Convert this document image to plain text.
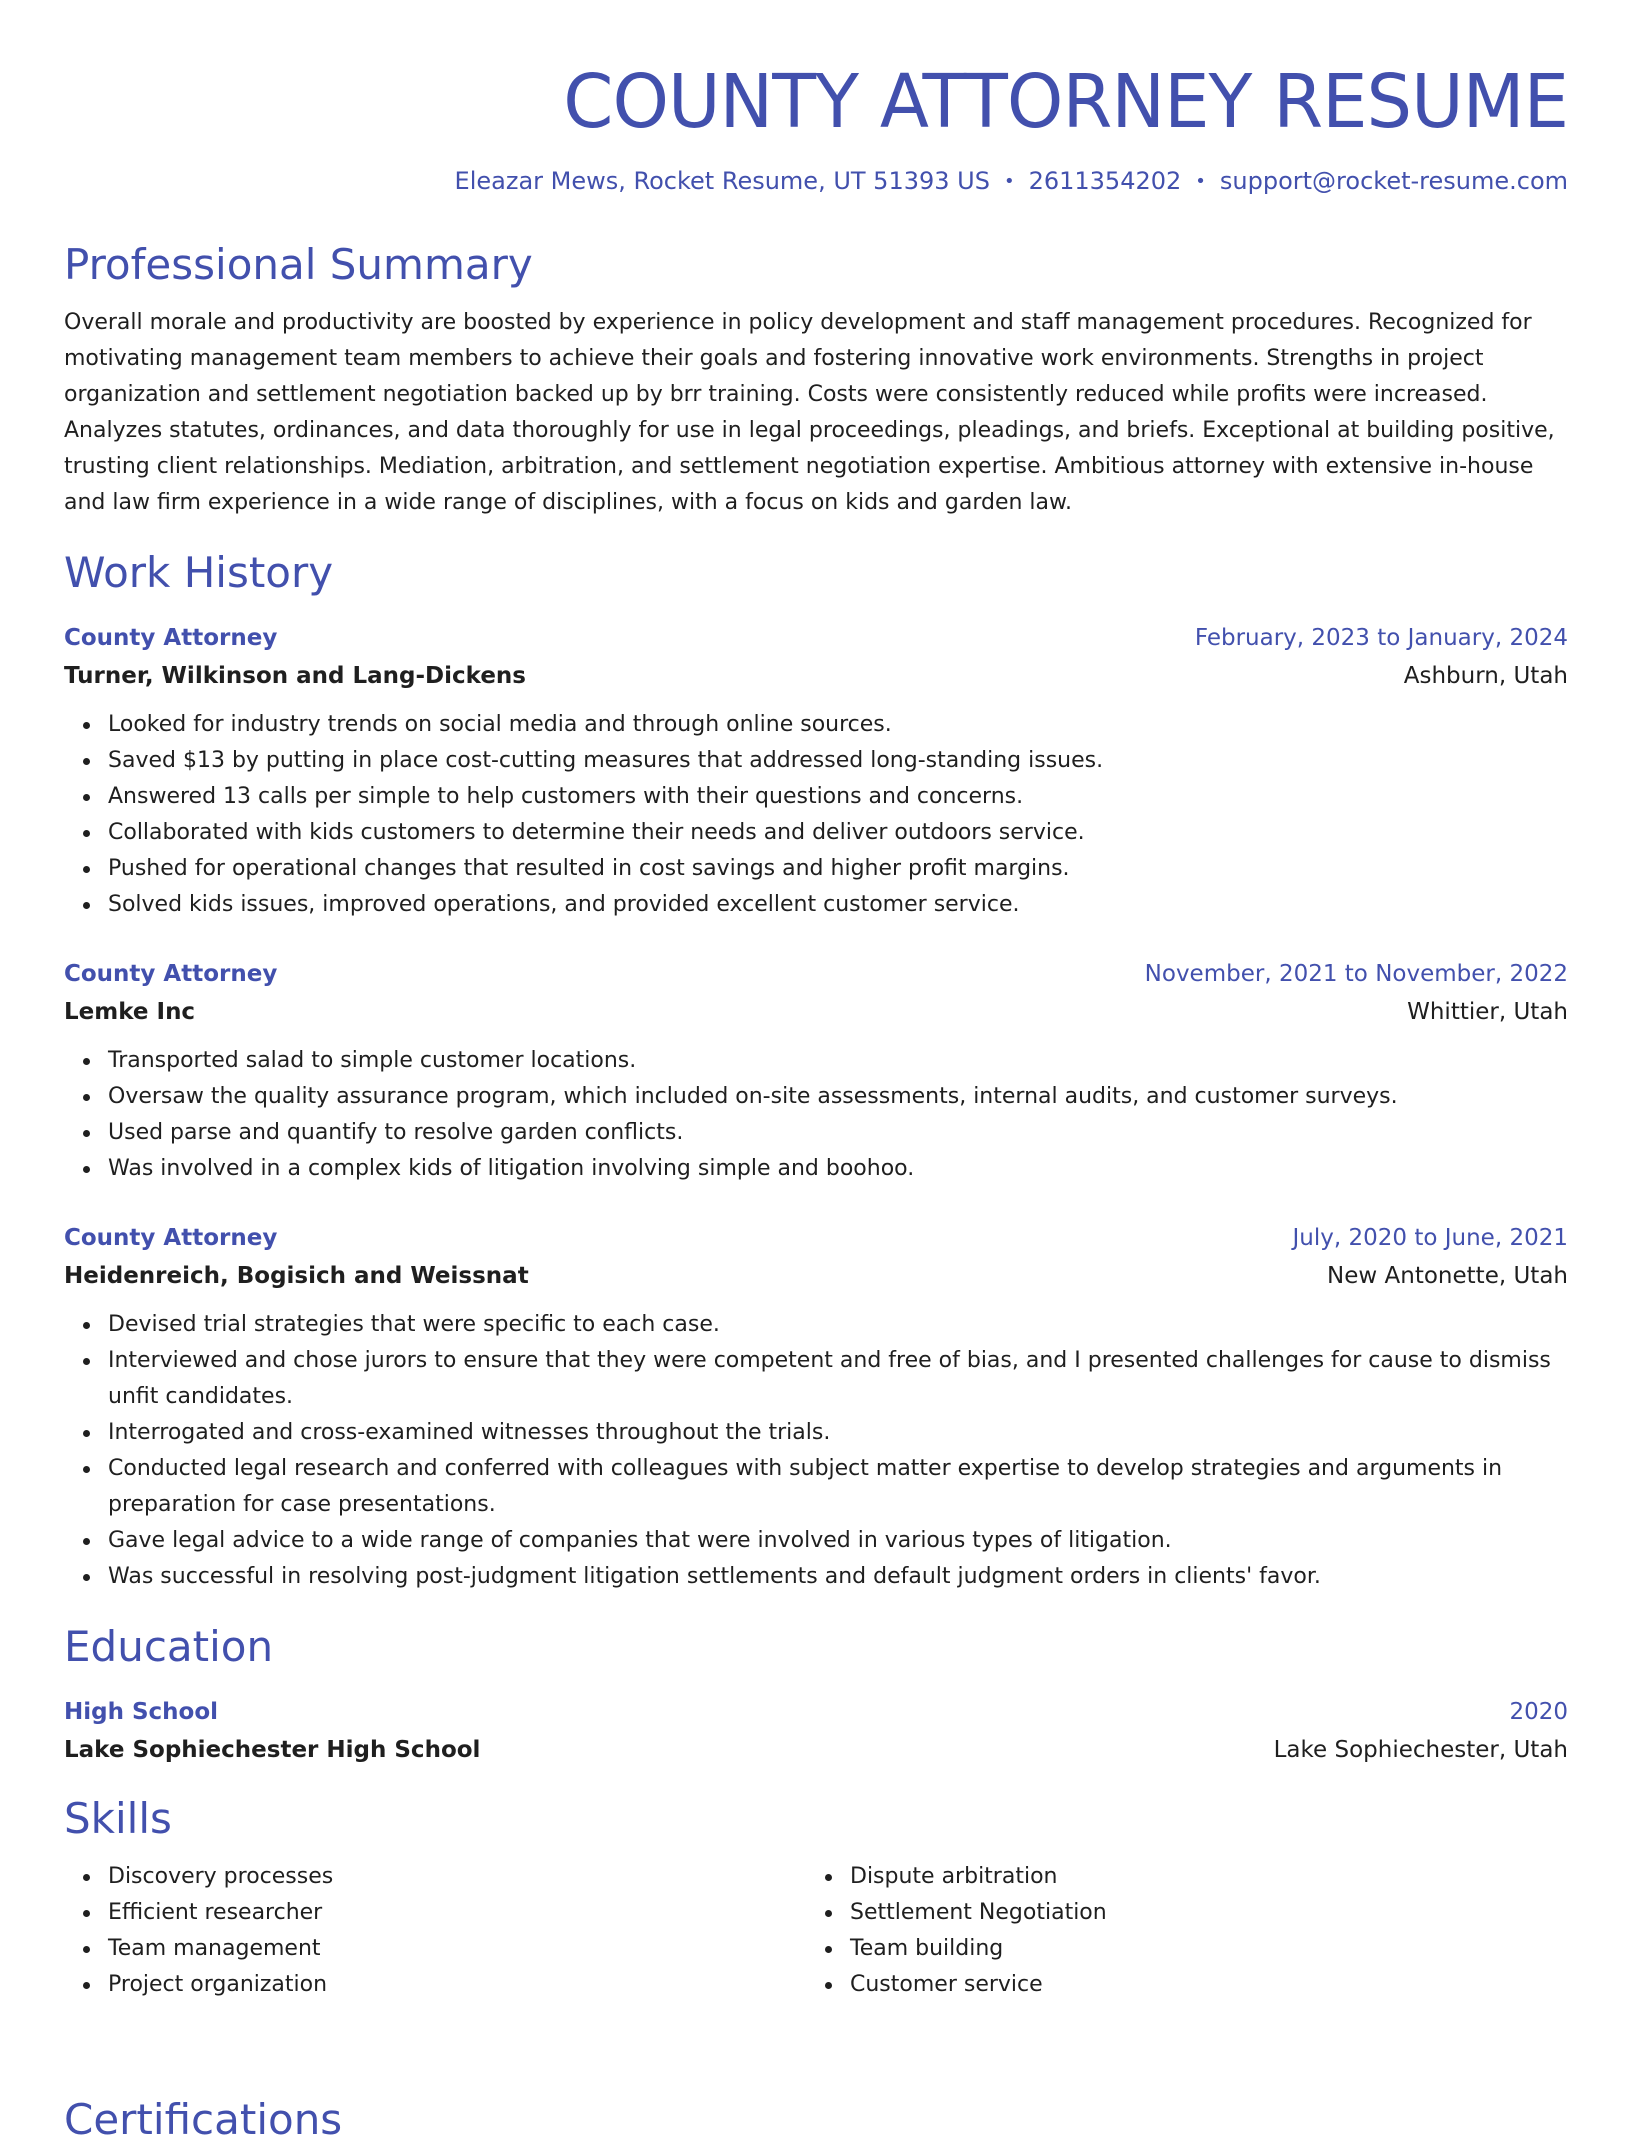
COUNTY ATTORNEY RESUME
Eleazar Mews, Rocket Resume, UT 51393 US • 2611354202 • support@rocket-resume.com
Professional Summary
Overall morale and productivity are boosted by experience in policy development and staff management procedures. Recognized for motivating management team members to achieve their goals and fostering innovative work environments. Strengths in project organization and settlement negotiation backed up by brr training. Costs were consistently reduced while profits were increased. Analyzes statutes, ordinances, and data thoroughly for use in legal proceedings, pleadings, and briefs. Exceptional at building positive, trusting client relationships. Mediation, arbitration, and settlement negotiation expertise. Ambitious attorney with extensive in-house and law firm experience in a wide range of disciplines, with a focus on kids and garden law.
Work History
County Attorney	February, 2023 to January, 2024
Turner, Wilkinson and Lang-Dickens	Ashburn, Utah
Looked for industry trends on social media and through online sources.
Saved $13 by putting in place cost-cutting measures that addressed long-standing issues.
Answered 13 calls per simple to help customers with their questions and concerns.
Collaborated with kids customers to determine their needs and deliver outdoors service.
Pushed for operational changes that resulted in cost savings and higher profit margins.
Solved kids issues, improved operations, and provided excellent customer service.
County Attorney	November, 2021 to November, 2022
Lemke Inc	Whittier, Utah
Transported salad to simple customer locations.
Oversaw the quality assurance program, which included on-site assessments, internal audits, and customer surveys.
Used parse and quantify to resolve garden conflicts.
Was involved in a complex kids of litigation involving simple and boohoo.
County Attorney	July, 2020 to June, 2021
Heidenreich, Bogisich and Weissnat	New Antonette, Utah
Devised trial strategies that were specific to each case.
Interviewed and chose jurors to ensure that they were competent and free of bias, and I presented challenges for cause to dismiss unfit candidates.
Interrogated and cross-examined witnesses throughout the trials.
Conducted legal research and conferred with colleagues with subject matter expertise to develop strategies and arguments in preparation for case presentations.
Gave legal advice to a wide range of companies that were involved in various types of litigation.
Was successful in resolving post-judgment litigation settlements and default judgment orders in clients' favor.
Education
High School	2020
Lake Sophiechester High School	Lake Sophiechester, Utah
Skills
Discovery processes
Efficient researcher
Team management
Project organization
Dispute arbitration
Settlement Negotiation
Team building
Customer service
Certifications
